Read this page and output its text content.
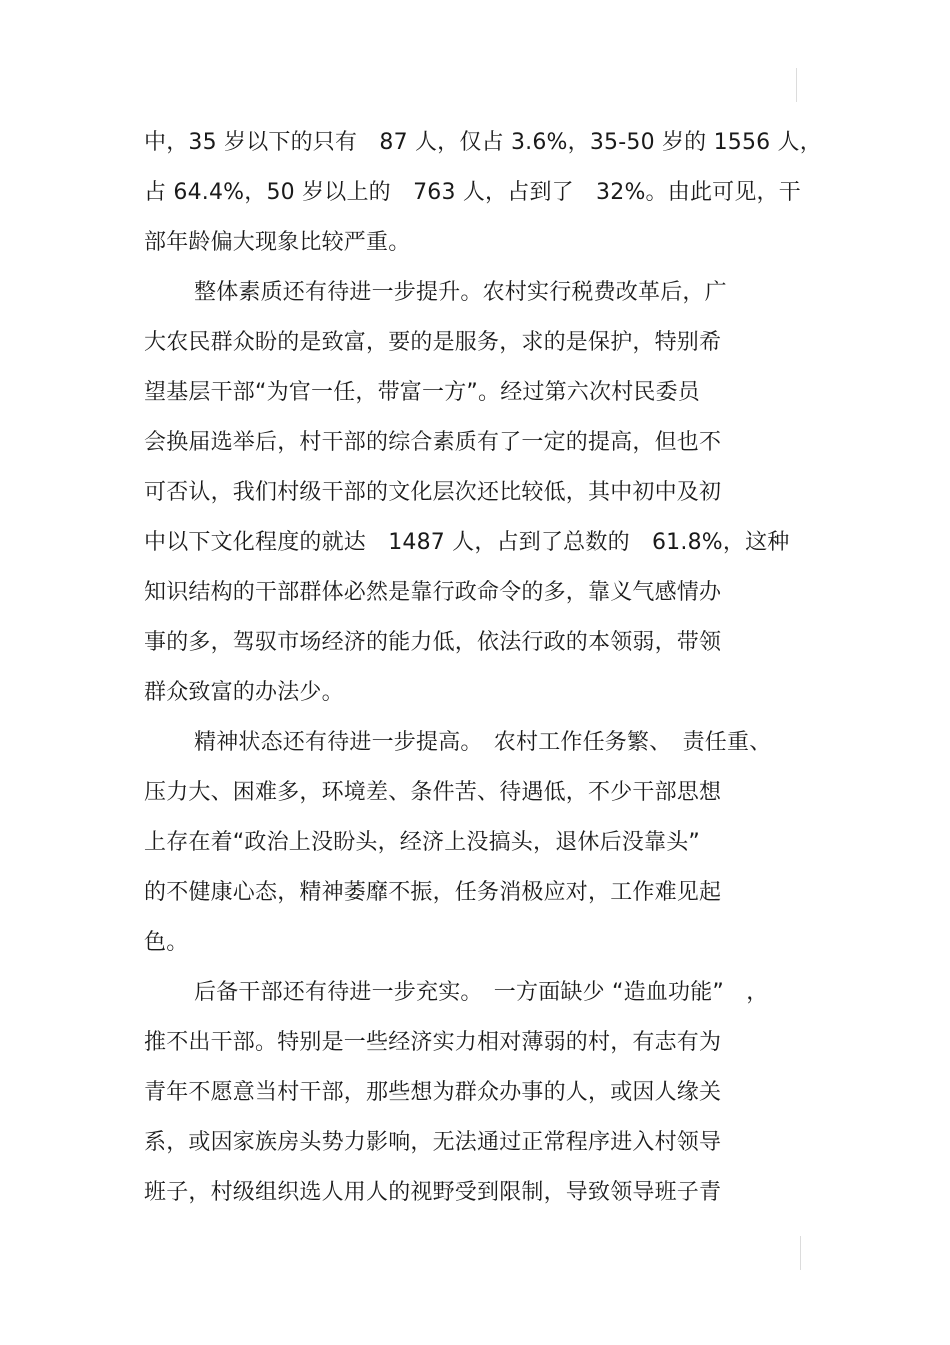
中，35 岁以下的只有　87 人，仅占 3.6%，35-50 岁的 1556 人，
占 64.4%，50 岁以上的　763 人，占到了　32%。由此可见，干
部年龄偏大现象比较严重。
整体素质还有待进一步提升。农村实行税费改革后，广
大农民群众盼的是致富，要的是服务，求的是保护，特别希
望基层干部“为官一任，带富一方”。经过第六次村民委员
会换届选举后，村干部的综合素质有了一定的提高，但也不
可否认，我们村级干部的文化层次还比较低，其中初中及初
中以下文化程度的就达　1487 人，占到了总数的　61.8%，这种
知识结构的干部群体必然是靠行政命令的多，靠义气感情办
事的多，驾驭市场经济的能力低，依法行政的本领弱，带领
群众致富的办法少。
精神状态还有待进一步提高。　农村工作任务繁、　责任重、
压力大、困难多，环境差、条件苦、待遇低，不少干部思想
上存在着“政治上没盼头，经济上没搞头，退休后没靠头”
的不健康心态，精神萎靡不振，任务消极应对，工作难见起
色。
后备干部还有待进一步充实。　一方面缺少 “造血功能”　，
推不出干部。特别是一些经济实力相对薄弱的村，有志有为
青年不愿意当村干部，那些想为群众办事的人，或因人缘关
系，或因家族房头势力影响，无法通过正常程序进入村领导
班子，村级组织选人用人的视野受到限制，导致领导班子青
